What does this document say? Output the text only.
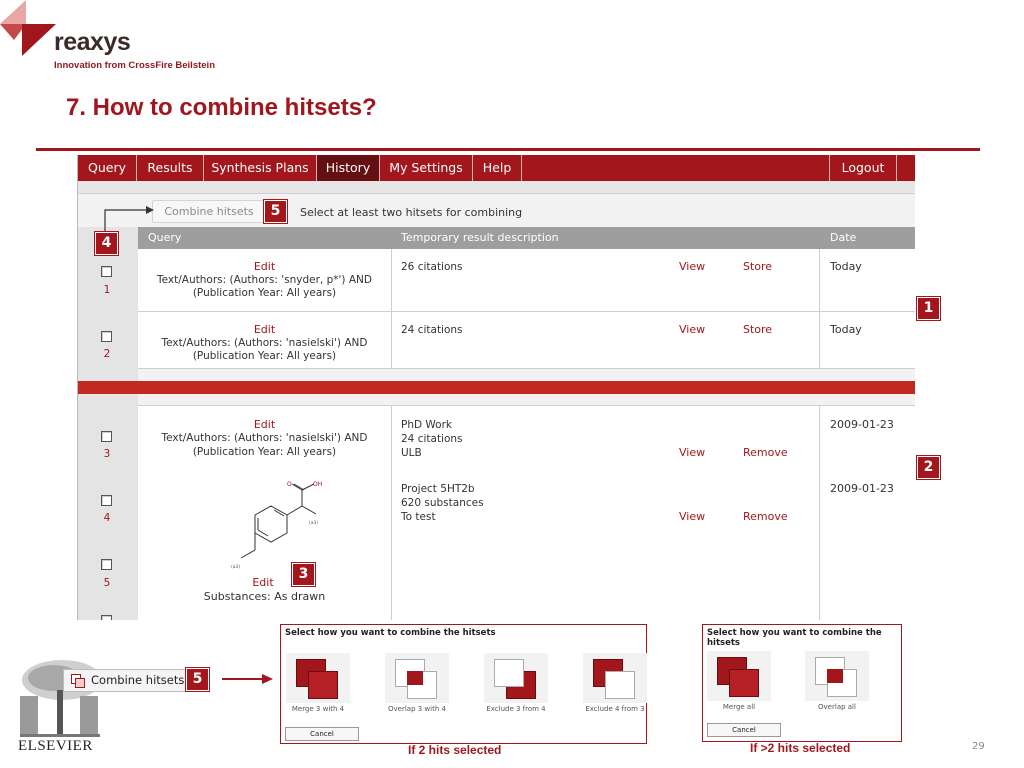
reaxys
Innovation from CrossFire Beilstein
7. How to combine hitsets?
Query	Results	Synthesis Plans	History	My Settings	Help	Logout
Combine hitsets	Select at least two hitsets for combining
Query	Temporary result description	Date
Edit
Text/Authors: (Authors: 'snyder, p*') AND
(Publication Year: All years)
26 citations	View	Store	Today
1
Edit
Text/Authors: (Authors: 'nasielski') AND
(Publication Year: All years)
24 citations	View	Store	Today
2
Edit
Text/Authors: (Authors: 'nasielski') AND
(Publication Year: All years)
PhD Work
24 citations
ULB	View	Remove
2009-01-23
3
O	OH
(a3)
(a3)
Edit
Substances: As drawn
Project 5HT2b
620 substances
To test	View	Remove
2009-01-23
4
5
5
4
1
2
3
ELSEVIER
Combine hitsets 5
Select how you want to combine the hitsets
Merge 3 with 4	Overlap 3 with 4	Exclude 3 from 4	Exclude 4 from 3
Cancel
If 2 hits selected
Select how you want to combine the hitsets
Merge all	Overlap all
Cancel
If >2 hits selected	29
